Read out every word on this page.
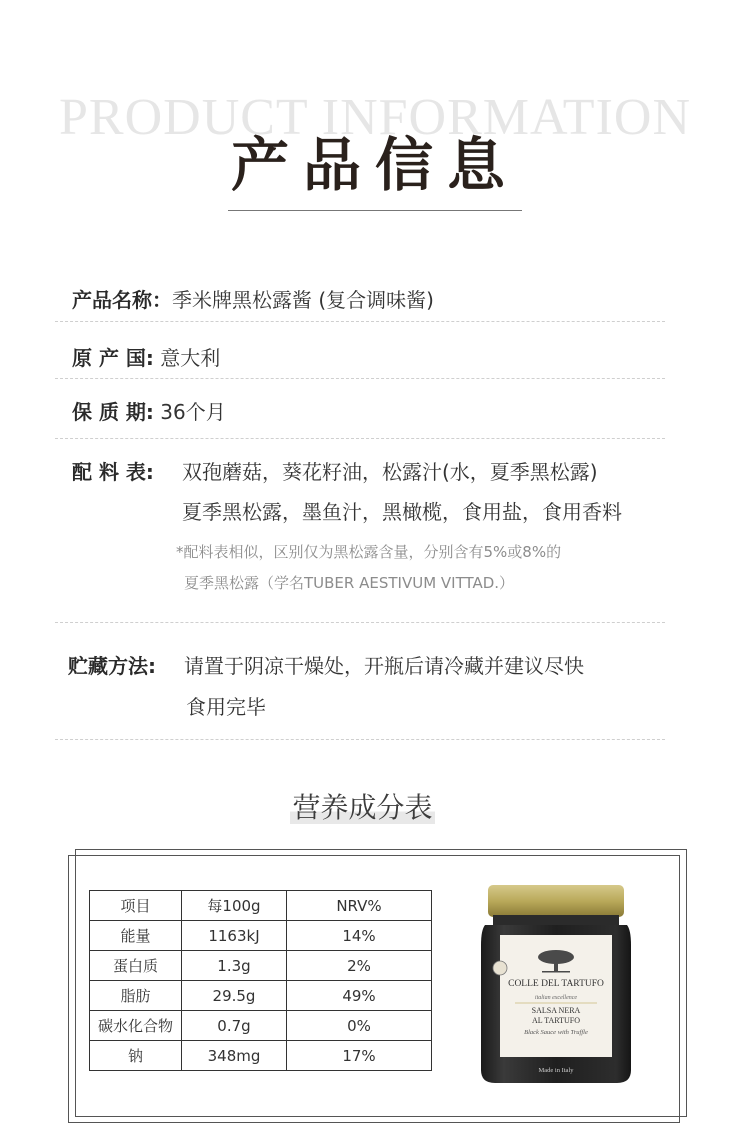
PRODUCT INFORMATION
产品信息
产品名称：季米牌黑松露酱 (复合调味酱)
原 产 国: 意大利
保 质 期: 36个月
配 料 表: 双孢蘑菇，葵花籽油，松露汁(水，夏季黑松露)
夏季黑松露，墨鱼汁，黑橄榄，食用盐，食用香料
*配料表相似，区别仅为黑松露含量，分别含有5%或8%的
夏季黑松露（学名TUBER AESTIVUM VITTAD.）
贮藏方法: 请置于阴凉干燥处，开瓶后请冷藏并建议尽快
食用完毕
营养成分表
项目	每100g	NRV%
能量	1163kJ	14%
蛋白质	1.3g	2%
脂肪	29.5g	49%
碳水化合物	0.7g	0%
钠	348mg	17%
COLLE DEL TARTUFO
italian excellence
SALSA NERA
AL TARTUFO
Black Sauce with Truffle
Made in Italy
